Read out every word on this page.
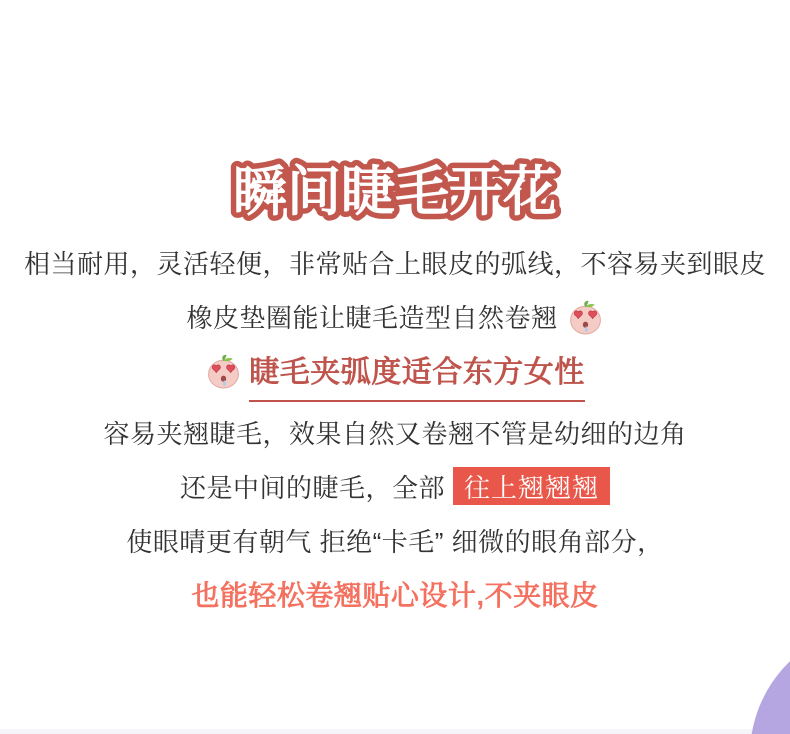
瞬间睫毛开花
相当耐用，灵活轻便，非常贴合上眼皮的弧线，不容易夹到眼皮
橡皮垫圈能让睫毛造型自然卷翘
睫毛夹弧度适合东方女性
容易夹翘睫毛，效果自然又卷翘不管是幼细的边角
还是中间的睫毛，全部 往上翘翘翘
使眼晴更有朝气 拒绝“卡毛” 细微的眼角部分，
也能轻松卷翘贴心设计,不夹眼皮
